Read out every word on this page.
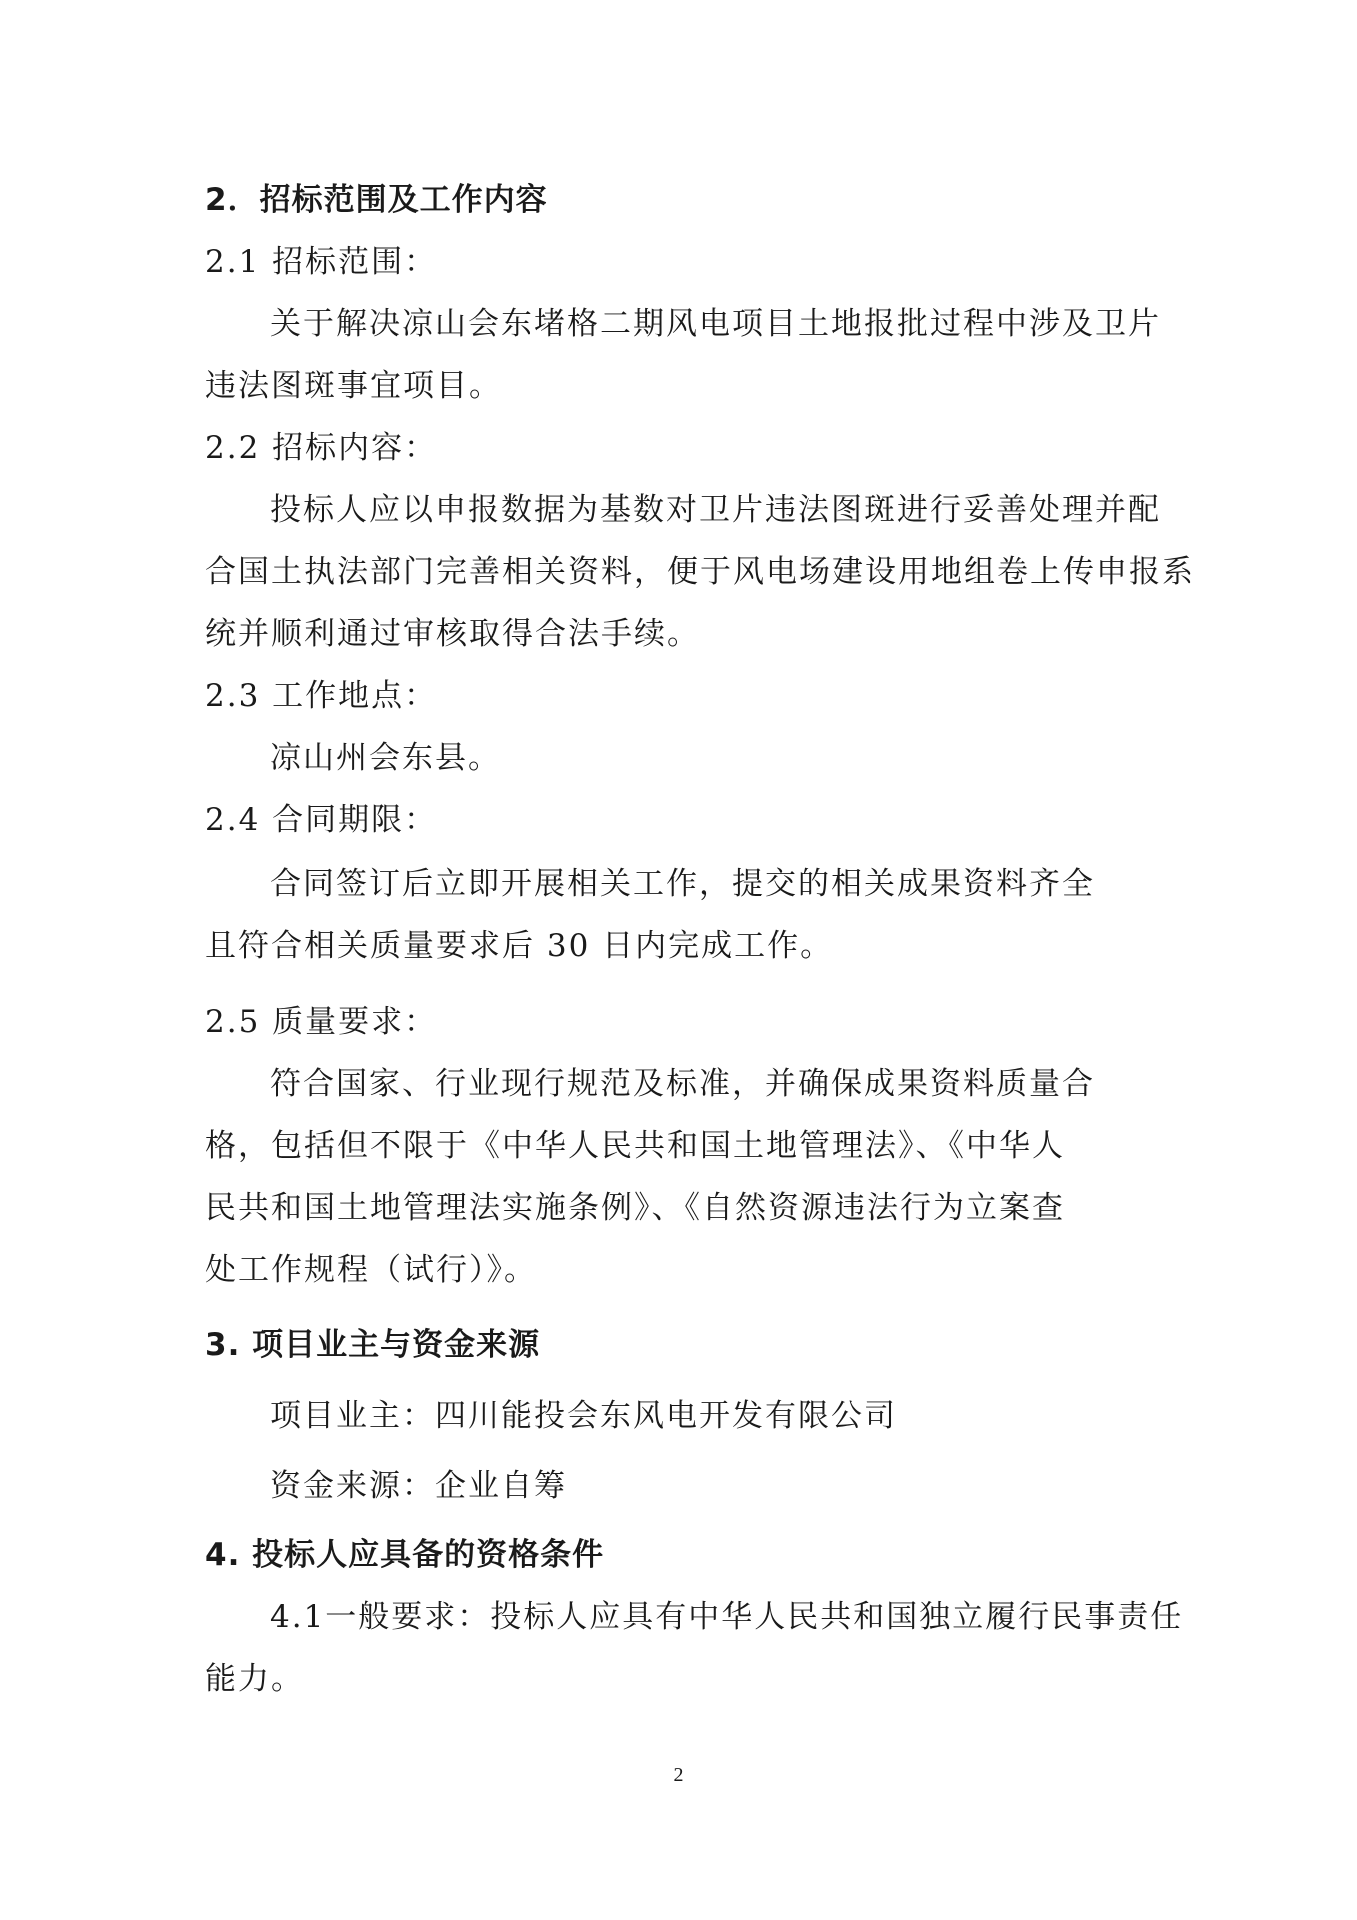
2．招标范围及工作内容
2.1 招标范围：
关于解决凉山会东堵格二期风电项目土地报批过程中涉及卫片
违法图斑事宜项目。
2.2 招标内容：
投标人应以申报数据为基数对卫片违法图斑进行妥善处理并配
合国土执法部门完善相关资料，便于风电场建设用地组卷上传申报系
统并顺利通过审核取得合法手续。
2.3 工作地点：
凉山州会东县。
2.4 合同期限：
合同签订后立即开展相关工作，提交的相关成果资料齐全
且符合相关质量要求后 30 日内完成工作。
2.5 质量要求：
符合国家、行业现行规范及标准，并确保成果资料质量合
格，包括但不限于《中华人民共和国土地管理法》、《中华人
民共和国土地管理法实施条例》、《自然资源违法行为立案查
处工作规程（试行）》。
3. 项目业主与资金来源
项目业主：四川能投会东风电开发有限公司
资金来源：企业自筹
4. 投标人应具备的资格条件
4.1一般要求：投标人应具有中华人民共和国独立履行民事责任
能力。
2
